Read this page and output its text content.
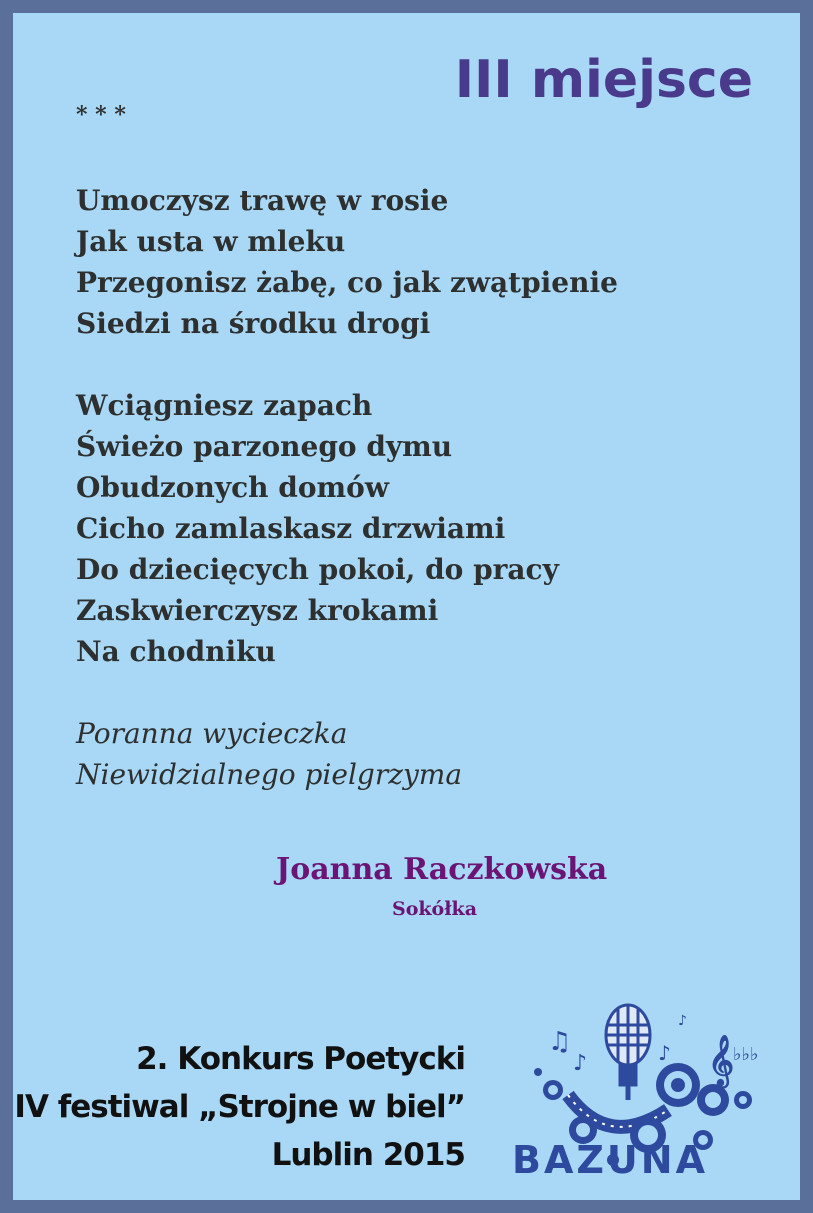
III miejsce
* * *
Umoczysz trawę w rosie
Jak usta w mleku
Przegonisz żabę, co jak zwątpienie
Siedzi na środku drogi
Wciągniesz zapach
Świeżo parzonego dymu
Obudzonych domów
Cicho zamlaskasz drzwiami
Do dziecięcych pokoi, do pracy
Zaskwierczysz krokami
Na chodniku
Poranna wycieczka
Niewidzialnego pielgrzyma
Joanna Raczkowska
Sokółka
2. Konkurs Poetycki
IV festiwal „Strojne w biel”
Lublin 2015
♫
♪
♪
𝄞
♭♭♭
♪
BAZUNA
